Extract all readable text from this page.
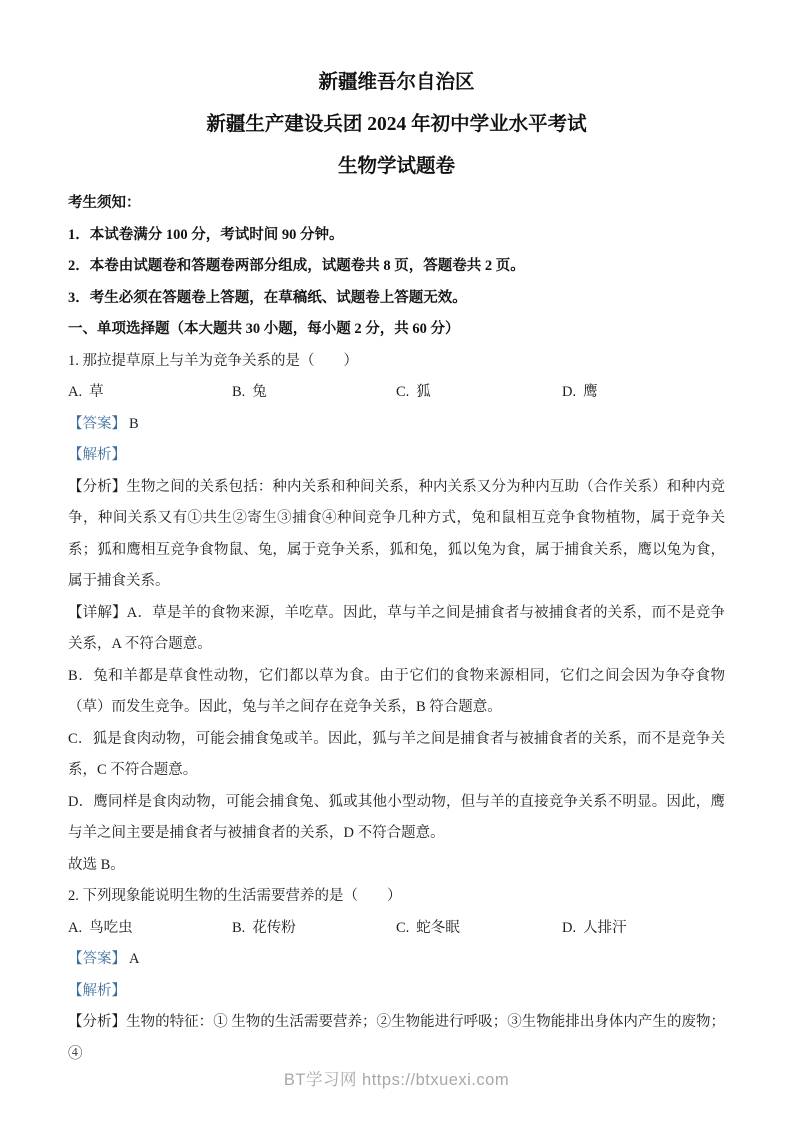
新疆维吾尔自治区
新疆生产建设兵团 2024 年初中学业水平考试
生物学试题卷

考生须知：

1．本试卷满分 100 分，考试时间 90 分钟。

2．本卷由试题卷和答题卷两部分组成，试题卷共 8 页，答题卷共 2 页。

3．考生必须在答题卷上答题，在草稿纸、试题卷上答题无效。

一、单项选择题（本大题共 30 小题，每小题 2 分，共 60 分）

1. 那拉提草原上与羊为竞争关系的是（　　）

A. 草	B. 兔	C. 狐	D. 鹰

【答案】 B

【解析】

【分析】生物之间的关系包括：种内关系和种间关系，种内关系又分为种内互助（合作关系）和种内竞争，种间关系又有①共生②寄生③捕食④种间竞争几种方式，兔和鼠相互竞争食物植物，属于竞争关系；狐和鹰相互竞争食物鼠、兔，属于竞争关系，狐和兔，狐以兔为食，属于捕食关系，鹰以兔为食，属于捕食关系。

【详解】A．草是羊的食物来源，羊吃草。因此，草与羊之间是捕食者与被捕食者的关系，而不是竞争关系，A 不符合题意。

B．兔和羊都是草食性动物，它们都以草为食。由于它们的食物来源相同，它们之间会因为争夺食物（草）而发生竞争。因此，兔与羊之间存在竞争关系，B 符合题意。

C．狐是食肉动物，可能会捕食兔或羊。因此，狐与羊之间是捕食者与被捕食者的关系，而不是竞争关系，C 不符合题意。

D．鹰同样是食肉动物，可能会捕食兔、狐或其他小型动物，但与羊的直接竞争关系不明显。因此，鹰与羊之间主要是捕食者与被捕食者的关系，D 不符合题意。

故选 B。

2. 下列现象能说明生物的生活需要营养的是（　　）

A. 鸟吃虫	B. 花传粉	C. 蛇冬眠	D. 人排汗

【答案】 A

【解析】

【分析】生物的特征：① 生物的生活需要营养；②生物能进行呼吸；③生物能排出身体内产生的废物；④

BT学习网 https://btxuexi.com
